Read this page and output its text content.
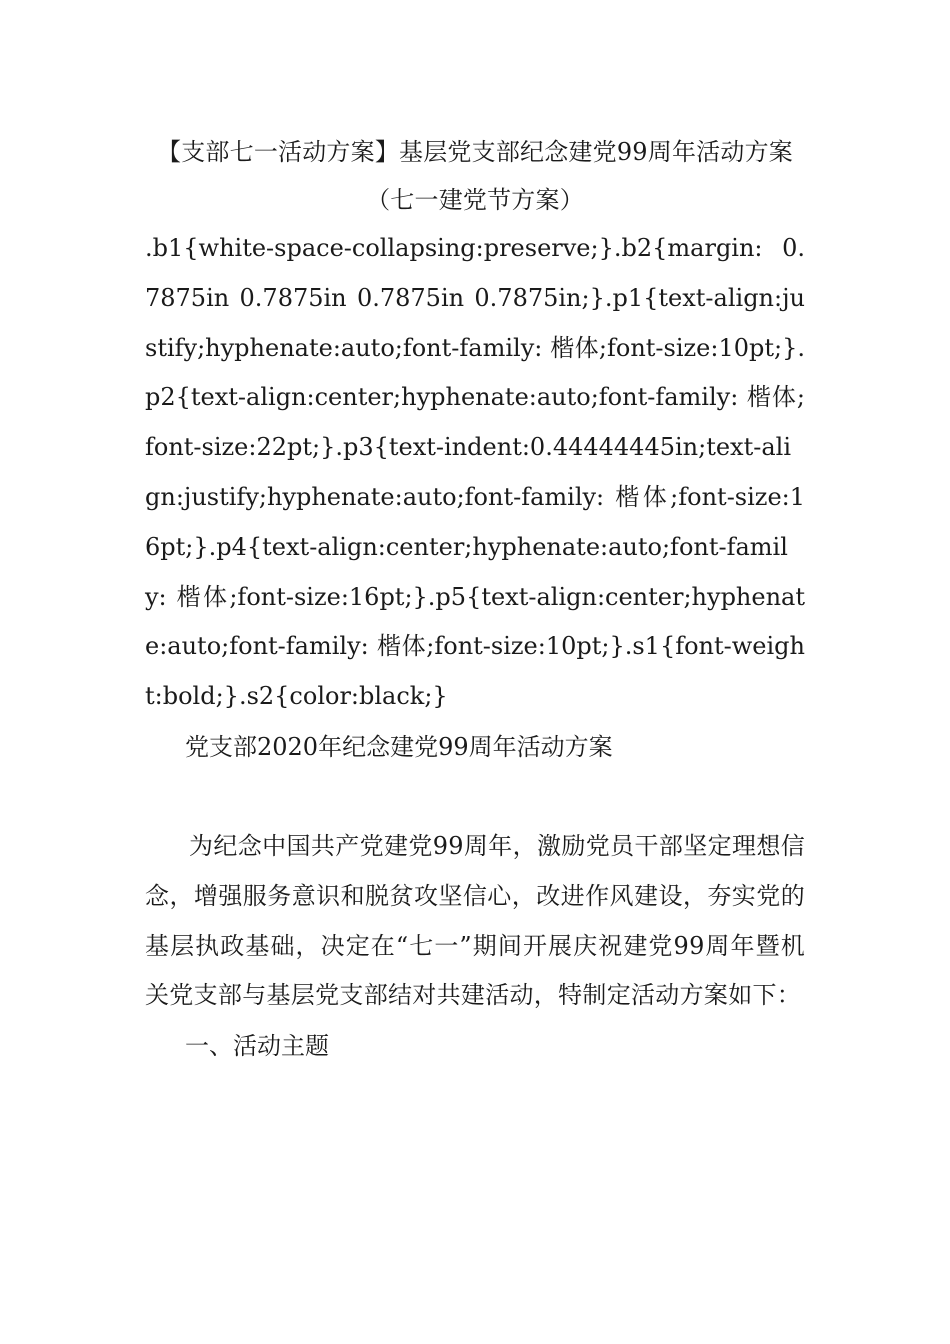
【支部七一活动方案】基层党支部纪念建党99周年活动方案（七一建党节方案）

.b1{white-space-collapsing:preserve;}.b2{margin: 0.7875in 0.7875in 0.7875in 0.7875in;}.p1{text-align:justify;hyphenate:auto;font-family: 楷体;font-size:10pt;}.p2{text-align:center;hyphenate:auto;font-family: 楷体;font-size:22pt;}.p3{text-indent:0.44444445in;text-align:justify;hyphenate:auto;font-family: 楷体;font-size:16pt;}.p4{text-align:center;hyphenate:auto;font-family: 楷体;font-size:16pt;}.p5{text-align:center;hyphenate:auto;font-family: 楷体;font-size:10pt;}.s1{font-weight:bold;}.s2{color:black;}

党支部2020年纪念建党99周年活动方案

为纪念中国共产党建党99周年，激励党员干部坚定理想信念，增强服务意识和脱贫攻坚信心，改进作风建设，夯实党的基层执政基础，决定在“七一”期间开展庆祝建党99周年暨机关党支部与基层党支部结对共建活动，特制定活动方案如下：

一、活动主题
